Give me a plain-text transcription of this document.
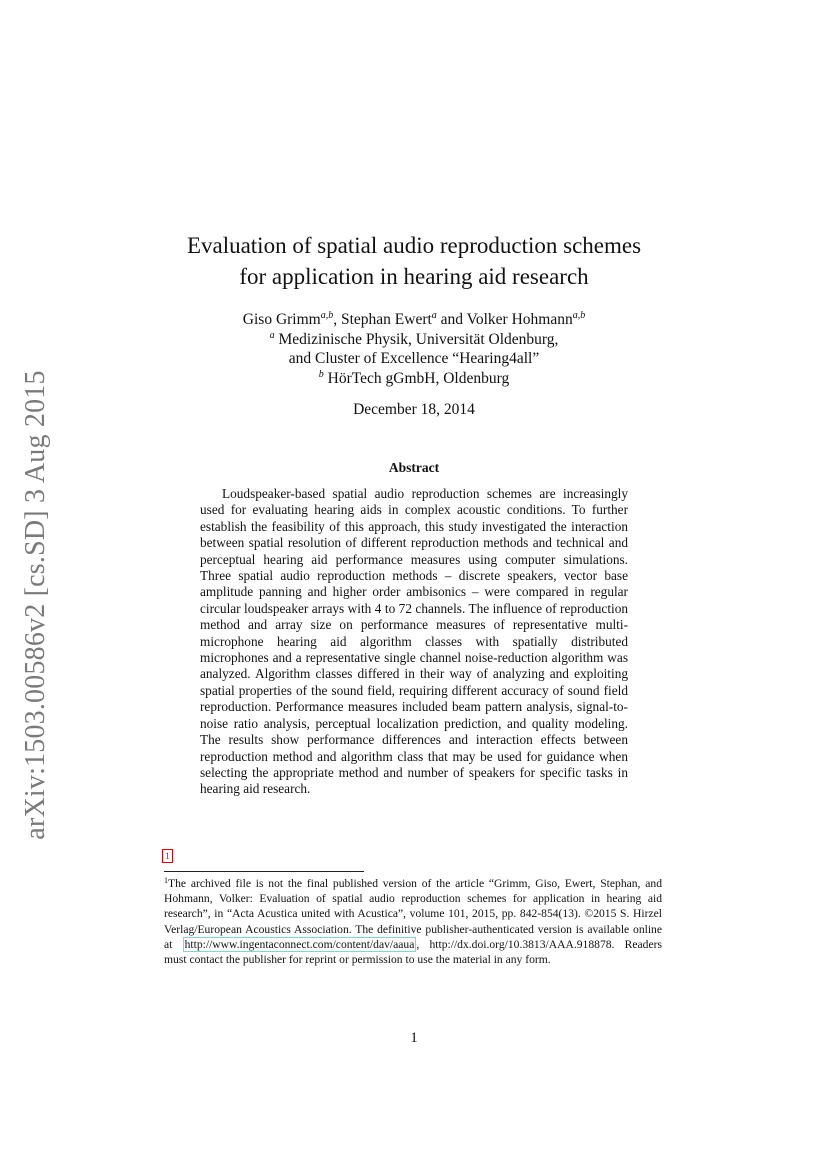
arXiv:1503.00586v2 [cs.SD] 3 Aug 2015
Evaluation of spatial audio reproduction schemes
for application in hearing aid research
Giso Grimm$^{a,b}$, Stephan Ewert$^a$ and Volker Hohmann$^{a,b}$
$^a$ Medizinische Physik, Universität Oldenburg,
and Cluster of Excellence “Hearing4all”
$^b$ HörTech gGmbH, Oldenburg
December 18, 2014
Abstract

Loudspeaker-based spatial audio reproduction schemes are increasingly used for evaluating hearing aids in complex acoustic conditions. To further establish the feasibility of this approach, this study investigated the interaction between spatial resolution of different reproduction methods and technical and perceptual hearing aid performance measures using computer simulations. Three spatial audio reproduction methods – discrete speakers, vector base amplitude panning and higher order ambisonics – were compared in regular circular loudspeaker arrays with 4 to 72 channels. The influence of reproduction method and array size on performance measures of representative multi-microphone hearing aid algorithm classes with spatially distributed microphones and a representative single channel noise-reduction algorithm was analyzed. Algorithm classes differed in their way of analyzing and exploiting spatial properties of the sound field, requiring different accuracy of sound field reproduction. Performance measures included beam pattern analysis, signal-to-noise ratio analysis, perceptual localization prediction, and quality modeling. The results show performance differences and interaction effects between reproduction method and algorithm class that may be used for guidance when selecting the appropriate method and number of speakers for specific tasks in hearing aid research.

1

$^1$The archived file is not the final published version of the article “Grimm, Giso, Ewert, Stephan, and Hohmann, Volker: Evaluation of spatial audio reproduction schemes for application in hearing aid research”, in “Acta Acustica united with Acustica”, volume 101, 2015, pp. 842-854(13). ©2015 S. Hirzel Verlag/European Acoustics Association. The definitive publisher-authenticated version is available online at http://www.ingentaconnect.com/content/dav/aaua , http://dx.doi.org/10.3813/AAA.918878. Readers must contact the publisher for reprint or permission to use the material in any form.

1
